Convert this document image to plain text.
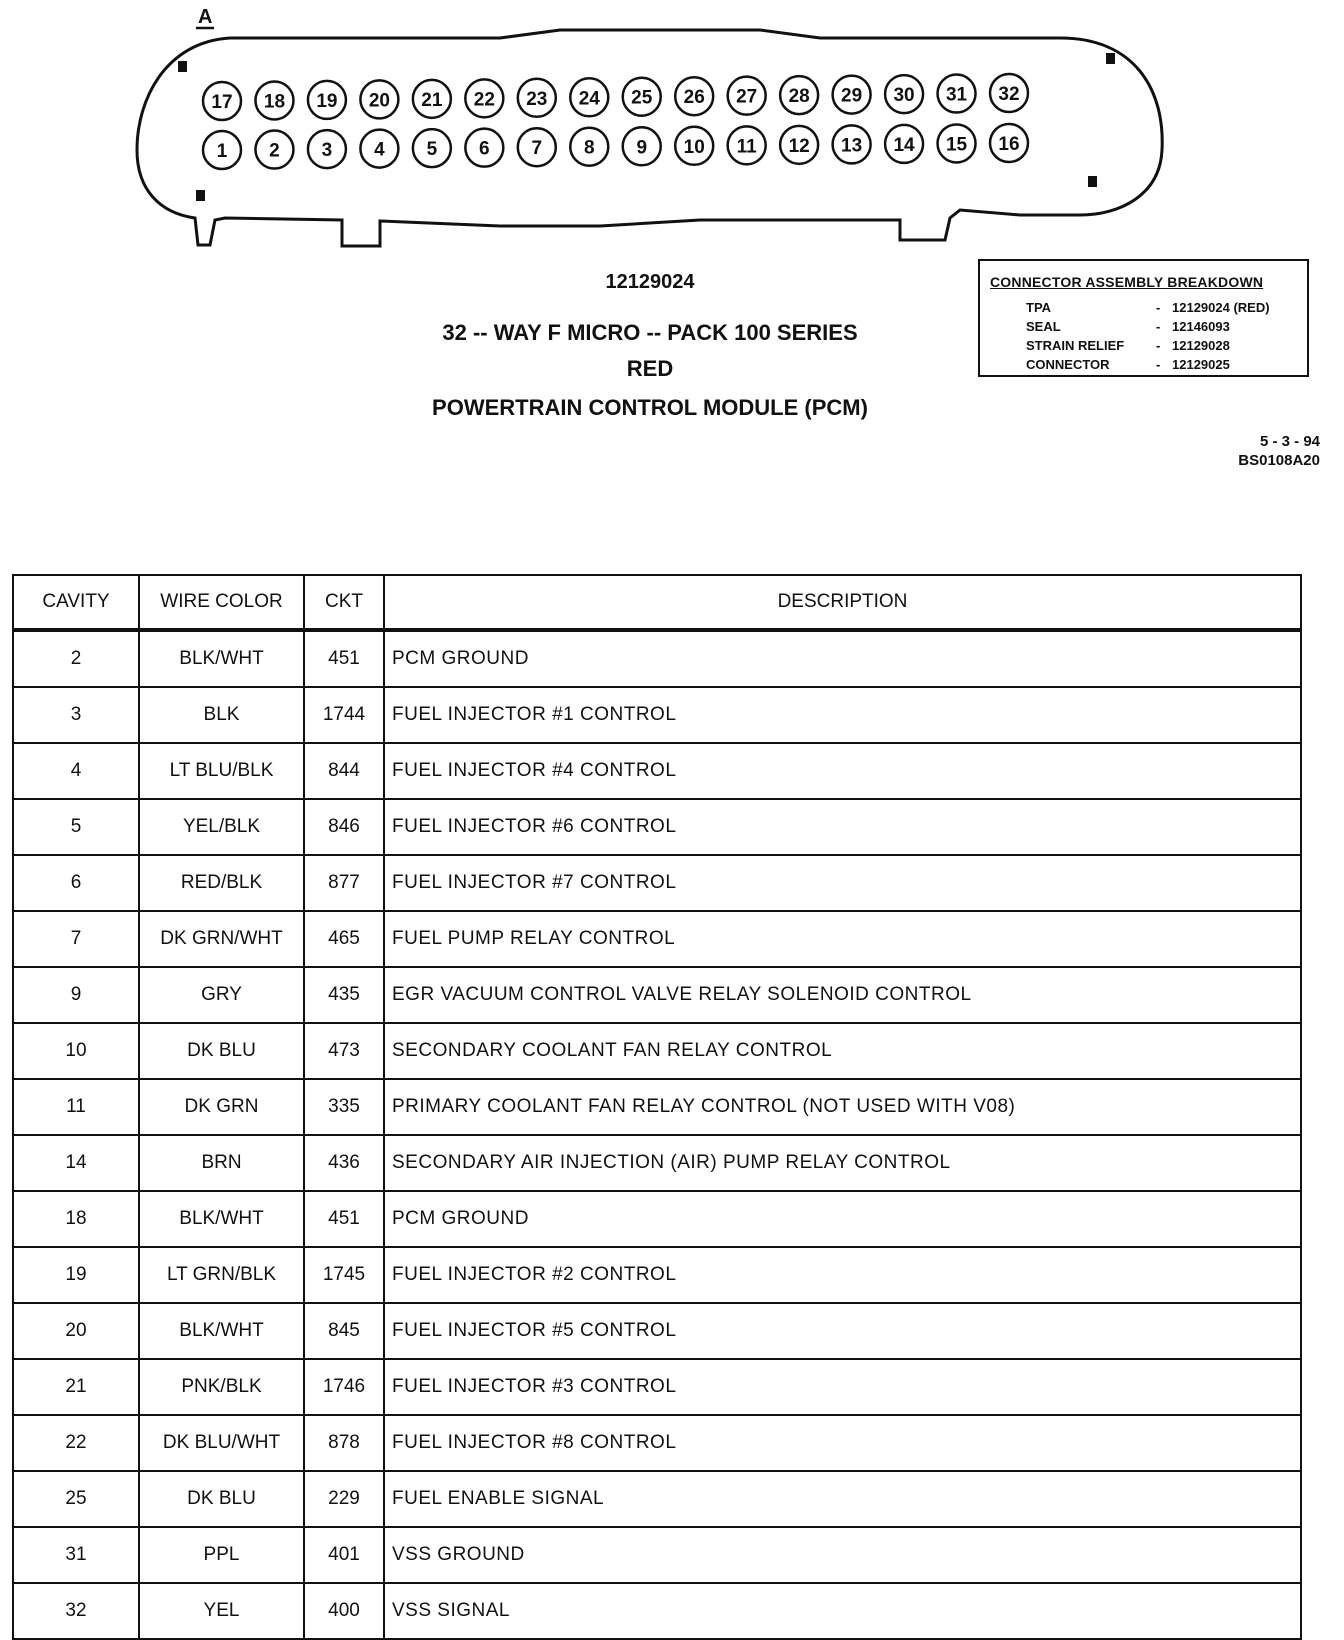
A
17 18 19 20 21 22 23 24 25 26 27 28 29 30 31 32
1 2 3 4 5 6 7 8 9 10 11 12 13 14 15 16
12129024
32 -- WAY F MICRO -- PACK 100 SERIES
RED
POWERTRAIN CONTROL MODULE (PCM)
CONNECTOR ASSEMBLY BREAKDOWN
TPA	- 12129024 (RED)
SEAL	- 12146093
STRAIN RELIEF - 12129028
CONNECTOR	- 12129025
5 - 3 - 94
BS0108A20
CAVITY	WIRE COLOR	CKT	DESCRIPTION
2	BLK/WHT	451	PCM GROUND
3	BLK	1744	FUEL INJECTOR #1 CONTROL
4	LT BLU/BLK	844	FUEL INJECTOR #4 CONTROL
5	YEL/BLK	846	FUEL INJECTOR #6 CONTROL
6	RED/BLK	877	FUEL INJECTOR #7 CONTROL
7	DK GRN/WHT	465	FUEL PUMP RELAY CONTROL
9	GRY	435	EGR VACUUM CONTROL VALVE RELAY SOLENOID CONTROL
10	DK BLU	473	SECONDARY COOLANT FAN RELAY CONTROL
11	DK GRN	335	PRIMARY COOLANT FAN RELAY CONTROL (NOT USED WITH V08)
14	BRN	436	SECONDARY AIR INJECTION (AIR) PUMP RELAY CONTROL
18	BLK/WHT	451	PCM GROUND
19	LT GRN/BLK	1745	FUEL INJECTOR #2 CONTROL
20	BLK/WHT	845	FUEL INJECTOR #5 CONTROL
21	PNK/BLK	1746	FUEL INJECTOR #3 CONTROL
22	DK BLU/WHT	878	FUEL INJECTOR #8 CONTROL
25	DK BLU	229	FUEL ENABLE SIGNAL
31	PPL	401	VSS GROUND
32	YEL	400	VSS SIGNAL
